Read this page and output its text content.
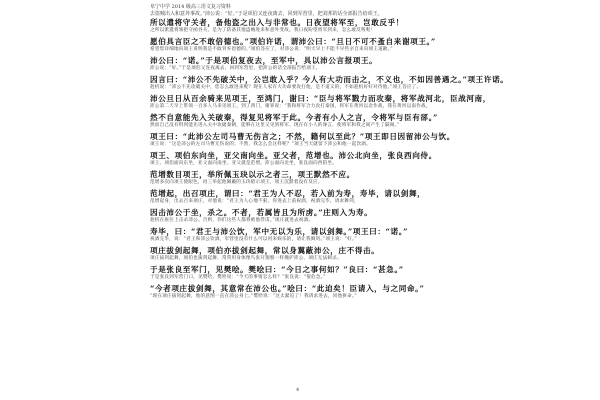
阜宁中学 2014 级高三语文复习资料
去盗贼出入和意外事故。”沛公说：“好。”于是项伯又连夜离去，回到军营里，把刘邦的话全部报告给项王。
所以遣将守关者，备他盗之出入与非常也。日夜望将军至，岂敢反乎！
之所以派遣将领把守函谷关，是为了防备其他盗贼进来和意外变故。我日夜盼望将军到来，怎么敢反叛呢！
愿伯具言臣之不敢倍德也。”项伯许诺，谓沛公曰：“旦日不可不蚤自来谢项王。”
希望您详细地向项王说明我是不敢背弃恩德的。”项伯答应了，对沛公说：“明天早上不能不早些亲自来向项王道歉。”
沛公曰：“诺。”于是项伯复夜去，至军中，具以沛公言报项王。
沛公说：“好。”于是项伯又连夜离去，回到军营里，把沛公的话全部报告给项王。
因言曰：“沛公不先破关中，公岂敢入乎？今人有大功而击之，不义也，不如因善遇之。”项王许诺。
趁机说：“沛公不先攻破关中，您怎么敢进来呢？现在人家有大功却要攻打他，是不道义的，不如趁机好好对待他。”项王答应了。
沛公旦日从百余骑来见项王，至鸿门，谢曰：“臣与将军戮力而攻秦，将军战河北，臣战河南，
沛公第二天早上带领一百多人马来见项王，到了鸿门，谢罪说：“我和将军合力攻打秦国，将军在黄河以北作战，我在黄河以南作战，
然不自意能先入关破秦，得复见将军于此。今者有小人之言，令将军与臣有郤。”
然而自己没有料到能先进入关中攻破秦朝，能够在这里又见到将军。现在有小人的谗言，使将军和我之间产生了隔阂。”
项王曰：“此沛公左司马曹无伤言之；不然，籍何以至此？”项王即日因留沛公与饮。
项王说：“这是沛公的左司马曹无伤说的；不然，我怎么会这样呢？”项王当天就留下沛公和他一起饮酒。
项王、项伯东向坐，亚父南向坐。亚父者，范增也。沛公北向坐，张良西向侍。
项王、项伯面向东坐，亚父面向南坐。亚父就是范增。沛公面向北坐，张良面向西陪坐。
范增数目项王，举所佩玉玦以示之者三，项王默然不应。
范增多次向项王使眼色，再三举起他佩戴的玉玦暗示项王，项王沉默着没有反应。
范增起，出召项庄，谓曰：“君王为人不忍，若入前为寿，寿毕，请以剑舞，
范增起身，出去召来项庄，对他说：“君王为人心地不狠，你进去上前祝酒，祝酒完毕，请求舞剑，
因击沛公于坐，杀之。不者，若属皆且为所虏。”庄则入为寿。
趁机在座位上击杀沛公。否则，你们这些人都将被他俘虏。”项庄就进去祝酒。
寿毕，曰：“君王与沛公饮，军中无以为乐，请以剑舞。”项王曰：“诺。”
祝酒完毕，说：“君王和沛公饮酒，军营里没有什么可以用来娱乐的，请让我舞剑。”项王说：“好。”
项庄拔剑起舞，项伯亦拔剑起舞，常以身翼蔽沛公，庄不得击。
项庄拔剑起舞，项伯也拔剑起舞，常常用身体像鸟张开翅膀一样掩护沛公，项庄无法刺杀。
于是张良至军门，见樊哙。樊哙曰：“今日之事何如？”良曰：“甚急。”
于是张良到军营门口，见樊哙。樊哙说：“今天的事情怎么样？”张良说：“很危急。”
“今者项庄拔剑舞，其意常在沛公也。”哙曰：“此迫矣！臣请入，与之同命。”
“现在项庄拔剑起舞，他的意图一直在沛公身上。”樊哙说：“这太紧迫了！我请求进去，同他拼命。”
4
